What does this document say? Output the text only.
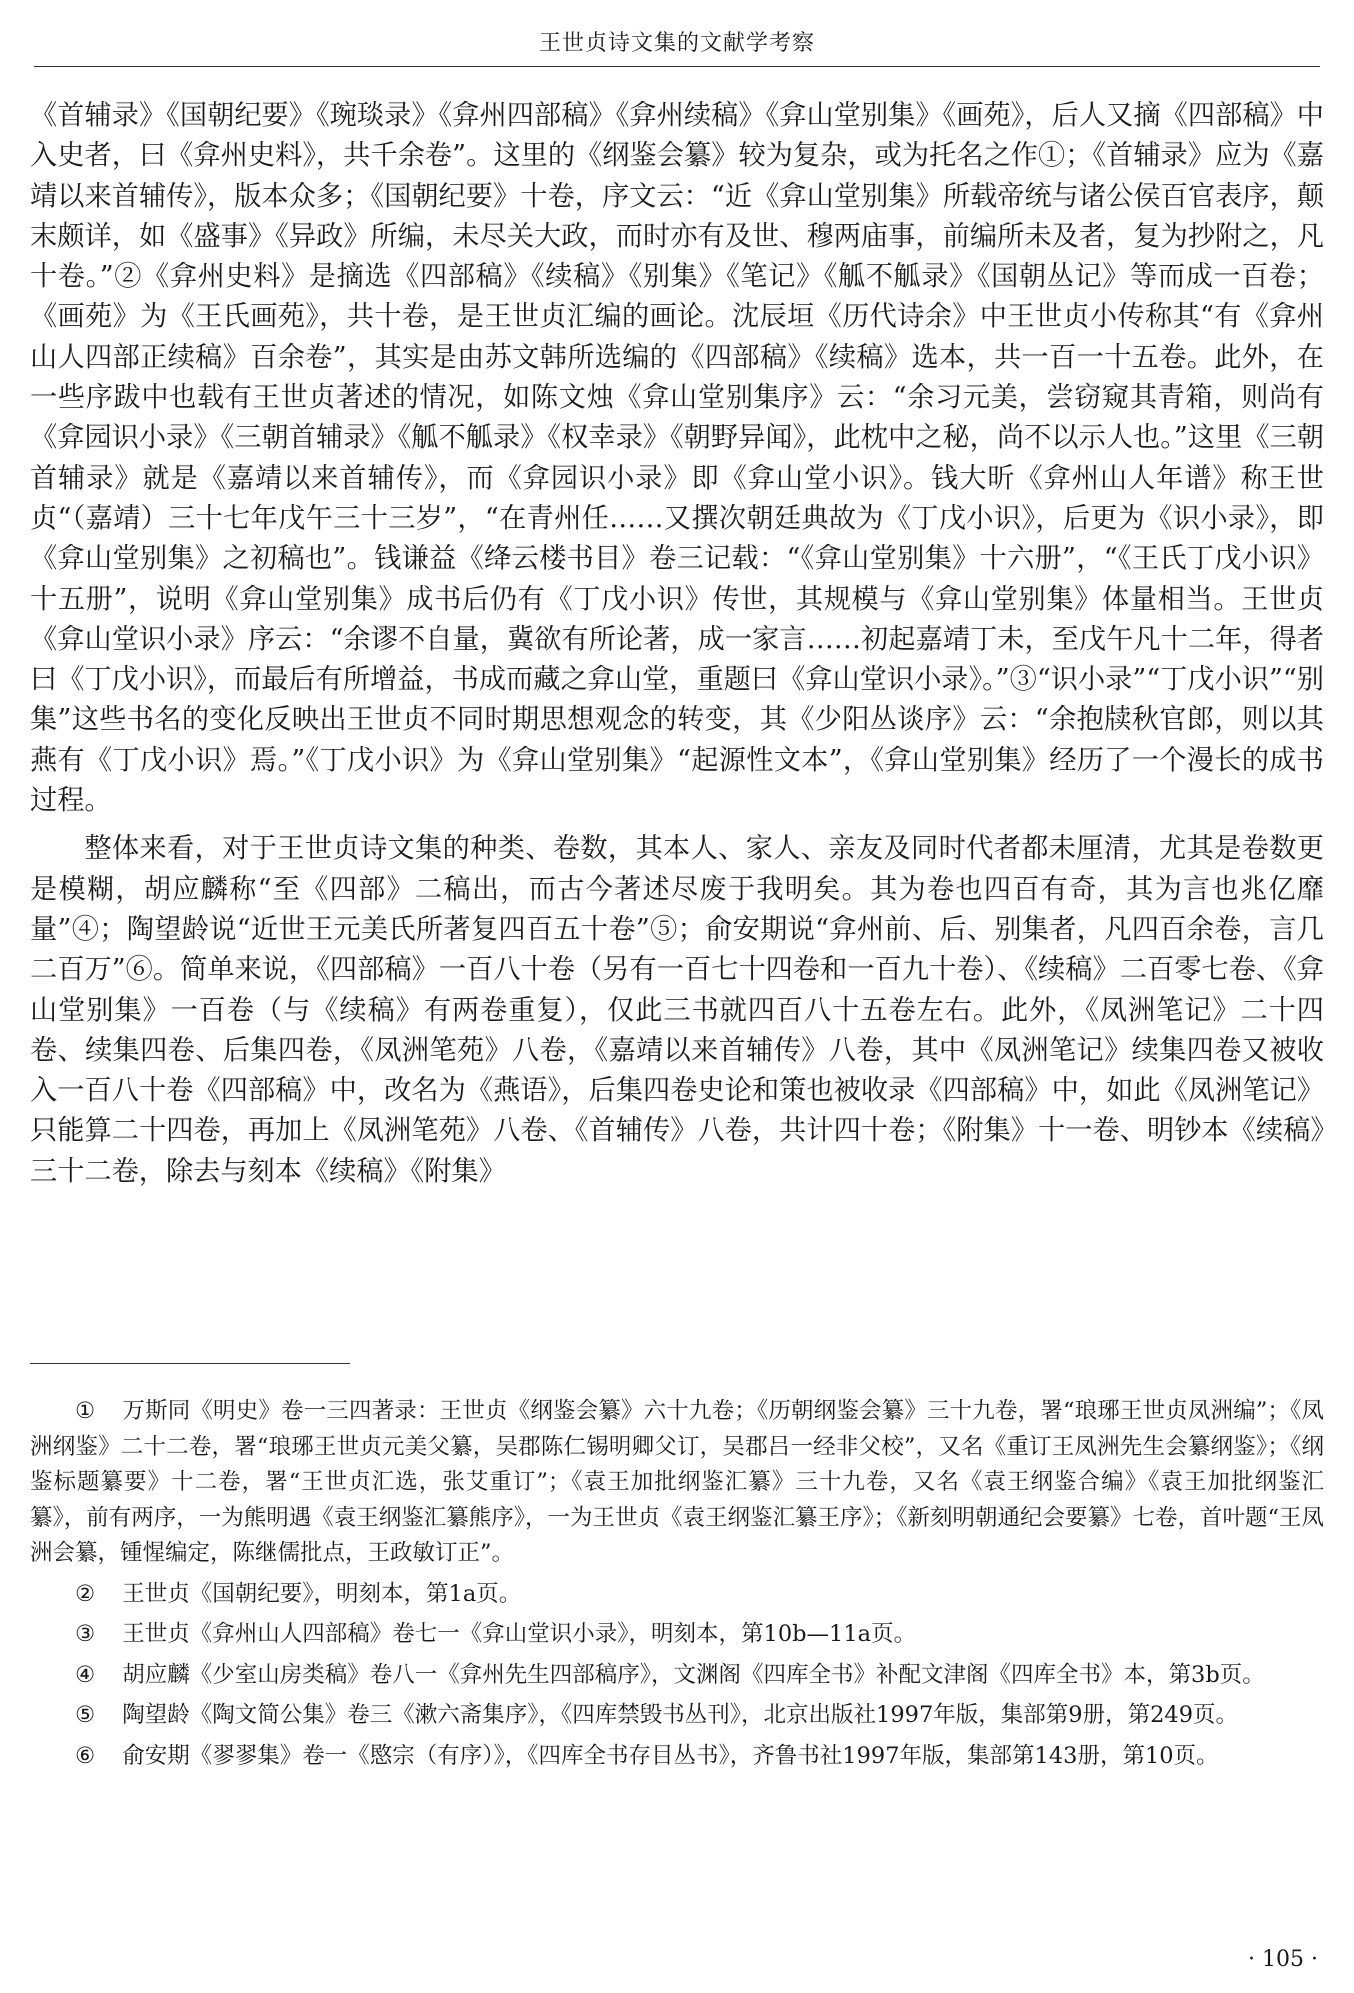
王世贞诗文集的文献学考察

《首辅录》《国朝纪要》《琬琰录》《弇州四部稿》《弇州续稿》《弇山堂别集》《画苑》，后人又摘《四部稿》中入史者，曰《弇州史料》，共千余卷”。这里的《纲鉴会纂》较为复杂，或为托名之作①；《首辅录》应为《嘉靖以来首辅传》，版本众多；《国朝纪要》十卷，序文云：“近《弇山堂别集》所载帝统与诸公侯百官表序，颠末颇详，如《盛事》《异政》所编，未尽关大政，而时亦有及世、穆两庙事，前编所未及者，复为抄附之，凡十卷。”②《弇州史料》是摘选《四部稿》《续稿》《别集》《笔记》《觚不觚录》《国朝丛记》等而成一百卷；《画苑》为《王氏画苑》，共十卷，是王世贞汇编的画论。沈辰垣《历代诗余》中王世贞小传称其“有《弇州山人四部正续稿》百余卷”，其实是由苏文韩所选编的《四部稿》《续稿》选本，共一百一十五卷。此外，在一些序跋中也载有王世贞著述的情况，如陈文烛《弇山堂别集序》云：“余习元美，尝窃窥其青箱，则尚有《弇园识小录》《三朝首辅录》《觚不觚录》《权幸录》《朝野异闻》，此枕中之秘，尚不以示人也。”这里《三朝首辅录》就是《嘉靖以来首辅传》，而《弇园识小录》即《弇山堂小识》。钱大昕《弇州山人年谱》称王世贞“（嘉靖）三十七年戊午三十三岁”，“在青州任……又撰次朝廷典故为《丁戊小识》，后更为《识小录》，即《弇山堂别集》之初稿也”。钱谦益《绛云楼书目》卷三记载：“《弇山堂别集》十六册”，“《王氏丁戊小识》十五册”，说明《弇山堂别集》成书后仍有《丁戊小识》传世，其规模与《弇山堂别集》体量相当。王世贞《弇山堂识小录》序云：“余谬不自量，冀欲有所论著，成一家言……初起嘉靖丁未，至戊午凡十二年，得者曰《丁戊小识》，而最后有所增益，书成而藏之弇山堂，重题曰《弇山堂识小录》。”③“识小录”“丁戊小识”“别集”这些书名的变化反映出王世贞不同时期思想观念的转变，其《少阳丛谈序》云：“余抱牍秋官郎，则以其燕有《丁戊小识》焉。”《丁戊小识》为《弇山堂别集》“起源性文本”，《弇山堂别集》经历了一个漫长的成书过程。

整体来看，对于王世贞诗文集的种类、卷数，其本人、家人、亲友及同时代者都未厘清，尤其是卷数更是模糊，胡应麟称“至《四部》二稿出，而古今著述尽废于我明矣。其为卷也四百有奇，其为言也兆亿靡量”④；陶望龄说“近世王元美氏所著复四百五十卷”⑤；俞安期说“弇州前、后、别集者，凡四百余卷，言几二百万”⑥。简单来说，《四部稿》一百八十卷（另有一百七十四卷和一百九十卷）、《续稿》二百零七卷、《弇山堂别集》一百卷（与《续稿》有两卷重复），仅此三书就四百八十五卷左右。此外，《凤洲笔记》二十四卷、续集四卷、后集四卷，《凤洲笔苑》八卷，《嘉靖以来首辅传》八卷，其中《凤洲笔记》续集四卷又被收入一百八十卷《四部稿》中，改名为《燕语》，后集四卷史论和策也被收录《四部稿》中，如此《凤洲笔记》只能算二十四卷，再加上《凤洲笔苑》八卷、《首辅传》八卷，共计四十卷；《附集》十一卷、明钞本《续稿》三十二卷，除去与刻本《续稿》《附集》

① 万斯同《明史》卷一三四著录：王世贞《纲鉴会纂》六十九卷；《历朝纲鉴会纂》三十九卷，署“琅琊王世贞凤洲编”；《凤洲纲鉴》二十二卷，署“琅琊王世贞元美父纂，吴郡陈仁锡明卿父订，吴郡吕一经非父校”，又名《重订王凤洲先生会纂纲鉴》；《纲鉴标题纂要》十二卷，署“王世贞汇选，张艾重订”；《袁王加批纲鉴汇纂》三十九卷，又名《袁王纲鉴合编》《袁王加批纲鉴汇纂》，前有两序，一为熊明遇《袁王纲鉴汇纂熊序》，一为王世贞《袁王纲鉴汇纂王序》；《新刻明朝通纪会要纂》七卷，首叶题“王凤洲会纂，锺惺编定，陈继儒批点，王政敏订正”。

② 王世贞《国朝纪要》，明刻本，第1a页。

③ 王世贞《弇州山人四部稿》卷七一《弇山堂识小录》，明刻本，第10b—11a页。

④ 胡应麟《少室山房类稿》卷八一《弇州先生四部稿序》，文渊阁《四库全书》补配文津阁《四库全书》本，第3b页。

⑤ 陶望龄《陶文简公集》卷三《漱六斋集序》，《四库禁毁书丛刊》，北京出版社1997年版，集部第9册，第249页。

⑥ 俞安期《翏翏集》卷一《愍宗（有序）》，《四库全书存目丛书》，齐鲁书社1997年版，集部第143册，第10页。

· 105 ·
